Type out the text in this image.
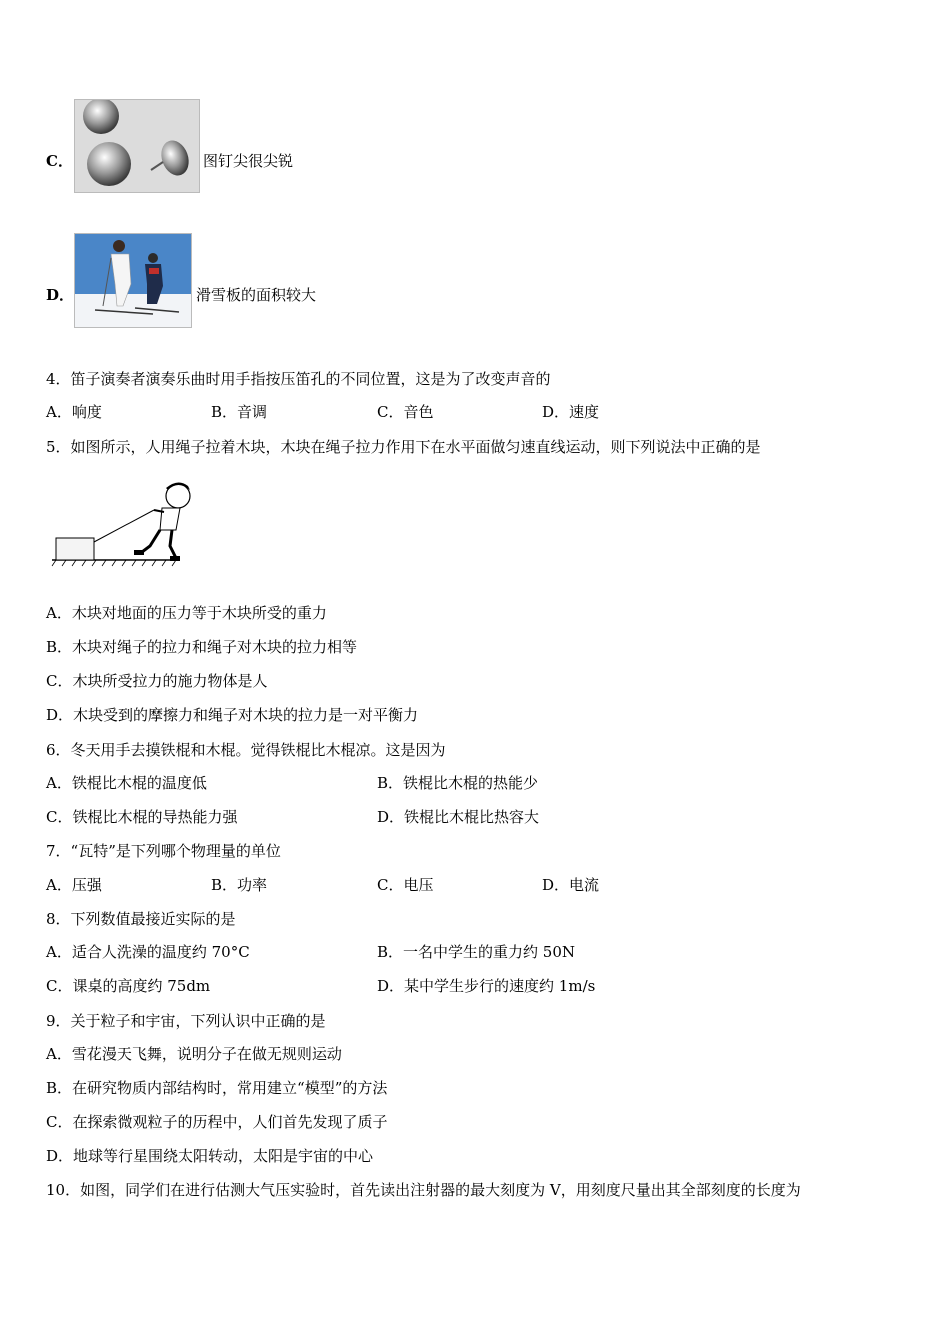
C．	图钉尖很尖锐
D．	滑雪板的面积较大
4．笛子演奏者演奏乐曲时用手指按压笛孔的不同位置，这是为了改变声音的
A．响度	B．音调	C．音色	D．速度
5．如图所示，人用绳子拉着木块，木块在绳子拉力作用下在水平面做匀速直线运动，则下列说法中正确的是
A．木块对地面的压力等于木块所受的重力
B．木块对绳子的拉力和绳子对木块的拉力相等
C．木块所受拉力的施力物体是人
D．木块受到的摩擦力和绳子对木块的拉力是一对平衡力
6．冬天用手去摸铁棍和木棍。觉得铁棍比木棍凉。这是因为
A．铁棍比木棍的温度低	B．铁棍比木棍的热能少
C．铁棍比木棍的导热能力强	D．铁棍比木棍比热容大
7．“瓦特”是下列哪个物理量的单位
A．压强	B．功率	C．电压	D．电流
8．下列数值最接近实际的是
A．适合人洗澡的温度约 70°C	B．一名中学生的重力约 50N
C．课桌的高度约 75dm	D．某中学生步行的速度约 1m/s
9．关于粒子和宇宙，下列认识中正确的是
A．雪花漫天飞舞，说明分子在做无规则运动
B．在研究物质内部结构时，常用建立“模型”的方法
C．在探索微观粒子的历程中，人们首先发现了质子
D．地球等行星围绕太阳转动，太阳是宇宙的中心
10．如图，同学们在进行估测大气压实验时，首先读出注射器的最大刻度为 V，用刻度尺量出其全部刻度的长度为
